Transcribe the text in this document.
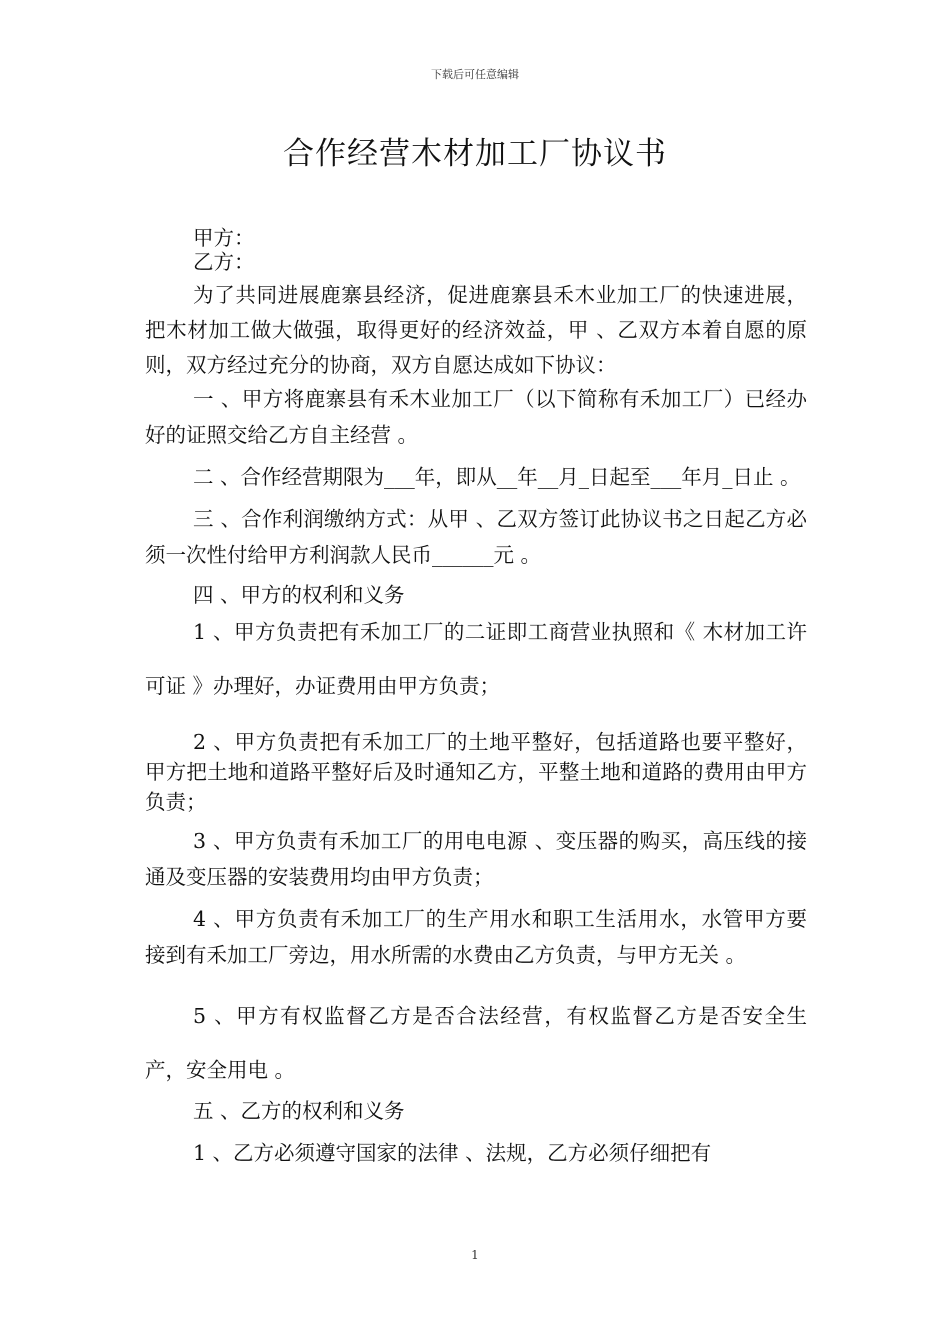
下载后可任意编辑
合作经营木材加工厂协议书

甲方：

乙方：

为了共同进展鹿寨县经济，促进鹿寨县禾木业加工厂的快速进展，把木材加工做大做强，取得更好的经济效益，甲 、乙双方本着自愿的原则，双方经过充分的协商，双方自愿达成如下协议：

一 、甲方将鹿寨县有禾木业加工厂（以下简称有禾加工厂）已经办好的证照交给乙方自主经营 。

二 、合作经营期限为___年，即从__年__月_日起至___年月_日止 。

三 、合作利润缴纳方式：从甲 、乙双方签订此协议书之日起乙方必须一次性付给甲方利润款人民币______元 。

四 、甲方的权利和义务

1 、甲方负责把有禾加工厂的二证即工商营业执照和《 木材加工许可证 》办理好，办证费用由甲方负责；

2 、甲方负责把有禾加工厂的土地平整好，包括道路也要平整好，甲方把土地和道路平整好后及时通知乙方，平整土地和道路的费用由甲方负责；

3 、甲方负责有禾加工厂的用电电源 、变压器的购买，高压线的接通及变压器的安装费用均由甲方负责；

4 、甲方负责有禾加工厂的生产用水和职工生活用水，水管甲方要接到有禾加工厂旁边，用水所需的水费由乙方负责，与甲方无关 。

5 、甲方有权监督乙方是否合法经营，有权监督乙方是否安全生产，安全用电 。

五 、乙方的权利和义务

1 、乙方必须遵守国家的法律 、法规，乙方必须仔细把有

1
